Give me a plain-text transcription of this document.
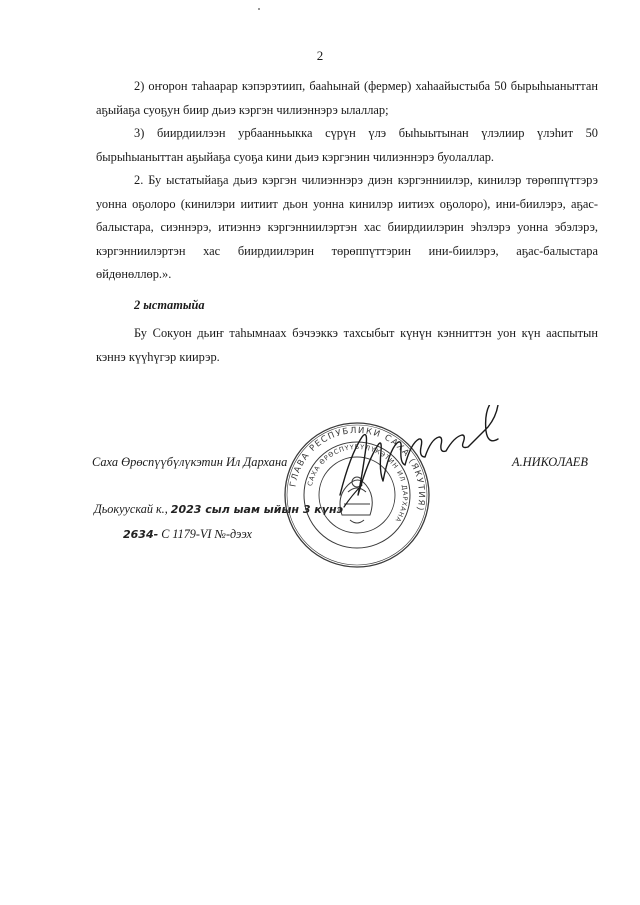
2

2) оҥорон таһаарар кэпэрэтиип, бааһынай (фермер) хаһаайыстыба 50 бырыһыаныттан аҕыйаҕа суоҕун биир дьиэ кэргэн чилиэннэрэ ылаллар;

3) биирдиилээн урбаанньыкка сүрүн үлэ быһыытынан үлэлиир үлэһит 50 бырыһыаныттан аҕыйаҕа суоҕа кини дьиэ кэргэнин чилиэннэрэ буолаллар.

2. Бу ыстатыйаҕа дьиэ кэргэн чилиэннэрэ диэн кэргэнниилэр, кинилэр төрөппүттэрэ уонна оҕолоро (кинилэри иитиит дьон уонна кинилэр иитиэх оҕолоро), ини-биилэрэ, аҕас-балыстара, сиэннэрэ, итиэннэ кэргэнниилэртэн хас биирдиилэрин эһэлэрэ уонна эбэлэрэ, кэргэнниилэртэн хас биирдиилэрин төрөппүттэрин ини-биилэрэ, аҕас-балыстара өйдөнөллөр.».

2 ыстатыйа

Бу Сокуон дьиҥ таһымнаах бэчээккэ тахсыбыт күнүн кэнниттэн уон күн ааспытын кэннэ күүһүгэр киирэр.

ГЛАВА РЕСПУБЛИКИ САХА (ЯКУТИЯ)
САХА ӨРӨСПҮҮБҮЛҮКЭТИН ИЛ ДАРХАНА

Саха Өрөспүүбүлүкэтин Ил Дархана	А.НИКОЛАЕВ

Дьокуускай к., 2023 сыл ыам ыйын 3 күнэ

2634- С 1179-VI №-дээх
